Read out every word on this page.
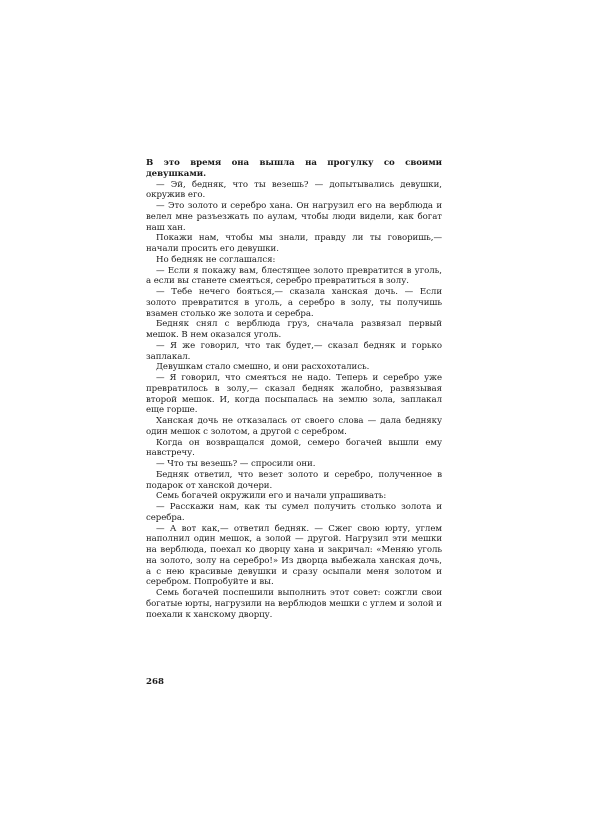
В это время она вышла на прогулку со своими девушками.

— Эй, бедняк, что ты везешь? — допытывались девушки, окружив его.

— Это золото и серебро хана. Он нагрузил его на верблюда и велел мне разъезжать по аулам, чтобы люди видели, как богат наш хан.

Покажи нам, чтобы мы знали, правду ли ты говоришь,— начали просить его девушки.

Но бедняк не соглашался:

— Если я покажу вам, блестящее золото превратится в уголь, а если вы станете смеяться, серебро превратиться в золу.

— Тебе нечего бояться,— сказала ханская дочь. — Если золото превратится в уголь, а серебро в золу, ты получишь взамен столько же золота и серебра.

Бедняк снял с верблюда груз, сначала развязал первый мешок. В нем оказался уголь.

— Я же говорил, что так будет,— сказал бедняк и горько заплакал.

Девушкам стало смешно, и они расхохотались.

— Я говорил, что смеяться не надо. Теперь и серебро уже превратилось в золу,— сказал бедняк жалобно, развязывая второй мешок. И, когда посыпалась на землю зола, заплакал еще горше.

Ханская дочь не отказалась от своего слова — дала бедняку один мешок с золотом, а другой с серебром.

Когда он возвращался домой, семеро богачей вышли ему навстречу.

— Что ты везешь? — спросили они.

Бедняк ответил, что везет золото и серебро, полученное в подарок от ханской дочери.

Семь богачей окружили его и начали упрашивать:

— Расскажи нам, как ты сумел получить столько золота и серебра.

— А вот как,— ответил бедняк. — Сжег свою юрту, углем наполнил один мешок, а золой — другой. Нагрузил эти мешки на верблюда, поехал ко дворцу хана и закричал: «Меняю уголь на золото, золу на серебро!» Из дворца выбежала ханская дочь, а с нею красивые девушки и сразу осыпали меня золотом и серебром. Попробуйте и вы.

Семь богачей поспешили выполнить этот совет: сожгли свои богатые юрты, нагрузили на верблюдов мешки с углем и золой и поехали к ханскому дворцу.

268
